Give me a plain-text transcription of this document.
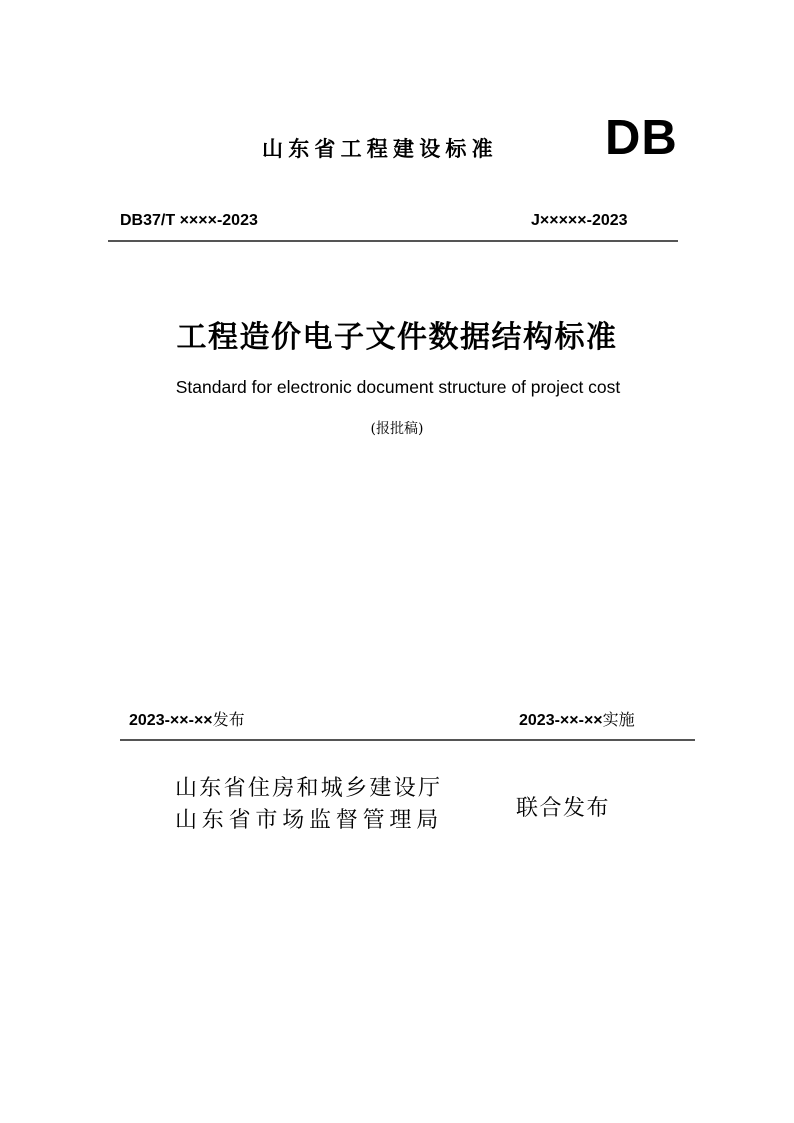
山东省工程建设标准 DB
DB37/T ××××-2023	J×××××-2023
工程造价电子文件数据结构标准
Standard for electronic document structure of project cost
(报批稿)
2023-××-××发布	2023-××-××实施
山东省住房和城乡建设厅
山东省市场监督管理局	联合发布
